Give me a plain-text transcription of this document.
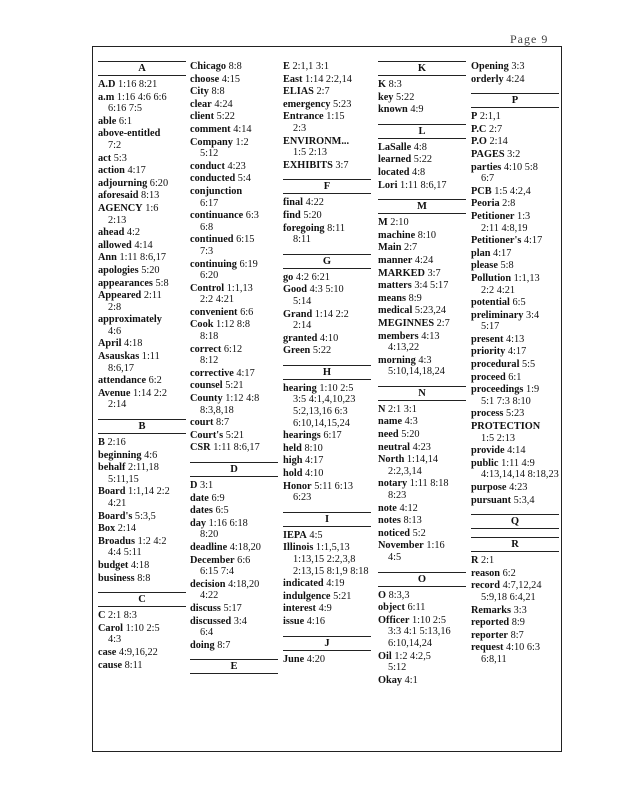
Page 9
A
A.D 1:16 8:21
a.m 1:16 4:6 6:6
6:16 7:5
able 6:1
above-entitled
7:2
act 5:3
action 4:17
adjourning 6:20
aforesaid 8:13
AGENCY 1:6
2:13
ahead 4:2
allowed 4:14
Ann 1:11 8:6,17
apologies 5:20
appearances 5:8
Appeared 2:11
2:8
approximately
4:6
April 4:18
Asauskas 1:11
8:6,17
attendance 6:2
Avenue 1:14 2:2
2:14
B
B 2:16
beginning 4:6
behalf 2:11,18
5:11,15
Board 1:1,14 2:2
4:21
Board's 5:3,5
Box 2:14
Broadus 1:2 4:2
4:4 5:11
budget 4:18
business 8:8
C
C 2:1 8:3
Carol 1:10 2:5
4:3
case 4:9,16,22
cause 8:11
Chicago 8:8
choose 4:15
City 8:8
clear 4:24
client 5:22
comment 4:14
Company 1:2
5:12
conduct 4:23
conducted 5:4
conjunction
6:17
continuance 6:3
6:8
continued 6:15
7:3
continuing 6:19
6:20
Control 1:1,13
2:2 4:21
convenient 6:6
Cook 1:12 8:8
8:18
correct 6:12
8:12
corrective 4:17
counsel 5:21
County 1:12 4:8
8:3,8,18
court 8:7
Court's 5:21
CSR 1:11 8:6,17
D
D 3:1
date 6:9
dates 6:5
day 1:16 6:18
8:20
deadline 4:18,20
December 6:6
6:15 7:4
decision 4:18,20
4:22
discuss 5:17
discussed 3:4
6:4
doing 8:7
E
E 2:1,1 3:1
East 1:14 2:2,14
ELIAS 2:7
emergency 5:23
Entrance 1:15
2:3
ENVIRONM...
1:5 2:13
EXHIBITS 3:7
F
final 4:22
find 5:20
foregoing 8:11
8:11
G
go 4:2 6:21
Good 4:3 5:10
5:14
Grand 1:14 2:2
2:14
granted 4:10
Green 5:22
H
hearing 1:10 2:5
3:5 4:1,4,10,23 5:2,13,16 6:3 6:10,14,15,24
hearings 6:17
held 8:10
high 4:17
hold 4:10
Honor 5:11 6:13
6:23
I
IEPA 4:5
Illinois 1:1,5,13
1:13,15 2:2,3,8 2:13,15 8:1,9 8:18
indicated 4:19
indulgence 5:21
interest 4:9
issue 4:16
J
June 4:20
K
K 8:3
key 5:22
known 4:9
L
LaSalle 4:8
learned 5:22
located 4:8
Lori 1:11 8:6,17
M
M 2:10
machine 8:10
Main 2:7
manner 4:24
MARKED 3:7
matters 3:4 5:17
means 8:9
medical 5:23,24
MEGINNES 2:7
members 4:13
4:13,22
morning 4:3
5:10,14,18,24
N
N 2:1 3:1
name 4:3
need 5:20
neutral 4:23
North 1:14,14
2:2,3,14
notary 1:11 8:18
8:23
note 4:12
notes 8:13
noticed 5:2
November 1:16
4:5
O
O 8:3,3
object 6:11
Officer 1:10 2:5
3:3 4:1 5:13,16 6:10,14,24
Oil 1:2 4:2,5
5:12
Okay 4:1
Opening 3:3
orderly 4:24
P
P 2:1,1
P.C 2:7
P.O 2:14
PAGES 3:2
parties 4:10 5:8
6:7
PCB 1:5 4:2,4
Peoria 2:8
Petitioner 1:3
2:11 4:8,19
Petitioner's 4:17
plan 4:17
please 5:8
Pollution 1:1,13
2:2 4:21
potential 6:5
preliminary 3:4
5:17
present 4:13
priority 4:17
procedural 5:5
proceed 6:1
proceedings 1:9
5:1 7:3 8:10
process 5:23
PROTECTION
1:5 2:13
provide 4:14
public 1:11 4:9
4:13,14,14 8:18,23
purpose 4:23
pursuant 5:3,4
Q
R
R 2:1
reason 6:2
record 4:7,12,24
5:9,18 6:4,21
Remarks 3:3
reported 8:9
reporter 8:7
request 4:10 6:3
6:8,11
